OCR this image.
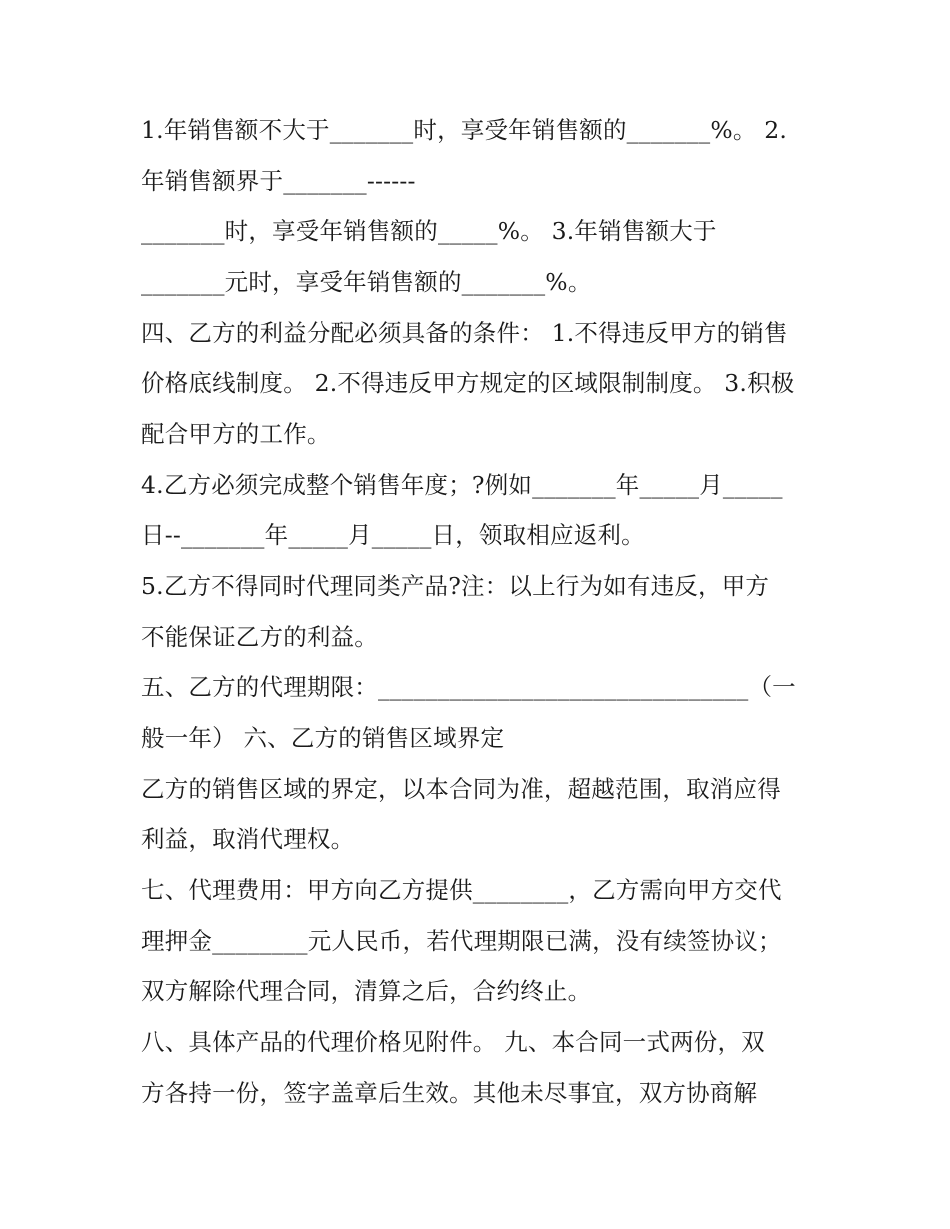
1.年销售额不大于_______时，享受年销售额的_______%。 2.
年销售额界于_______------
_______时，享受年销售额的_____%。 3.年销售额大于
_______元时，享受年销售额的_______%。
四、乙方的利益分配必须具备的条件： 1.不得违反甲方的销售
价格底线制度。 2.不得违反甲方规定的区域限制制度。 3.积极
配合甲方的工作。
4.乙方必须完成整个销售年度；?例如_______年_____月_____
日--_______年_____月_____日，领取相应返利。
5.乙方不得同时代理同类产品?注：以上行为如有违反，甲方
不能保证乙方的利益。
五、乙方的代理期限：_______________________________（一
般一年） 六、乙方的销售区域界定
乙方的销售区域的界定，以本合同为准，超越范围，取消应得
利益，取消代理权。
七、代理费用：甲方向乙方提供________，乙方需向甲方交代
理押金________元人民币，若代理期限已满，没有续签协议；
双方解除代理合同，清算之后，合约终止。
八、具体产品的代理价格见附件。 九、本合同一式两份，双
方各持一份，签字盖章后生效。其他未尽事宜，双方协商解
